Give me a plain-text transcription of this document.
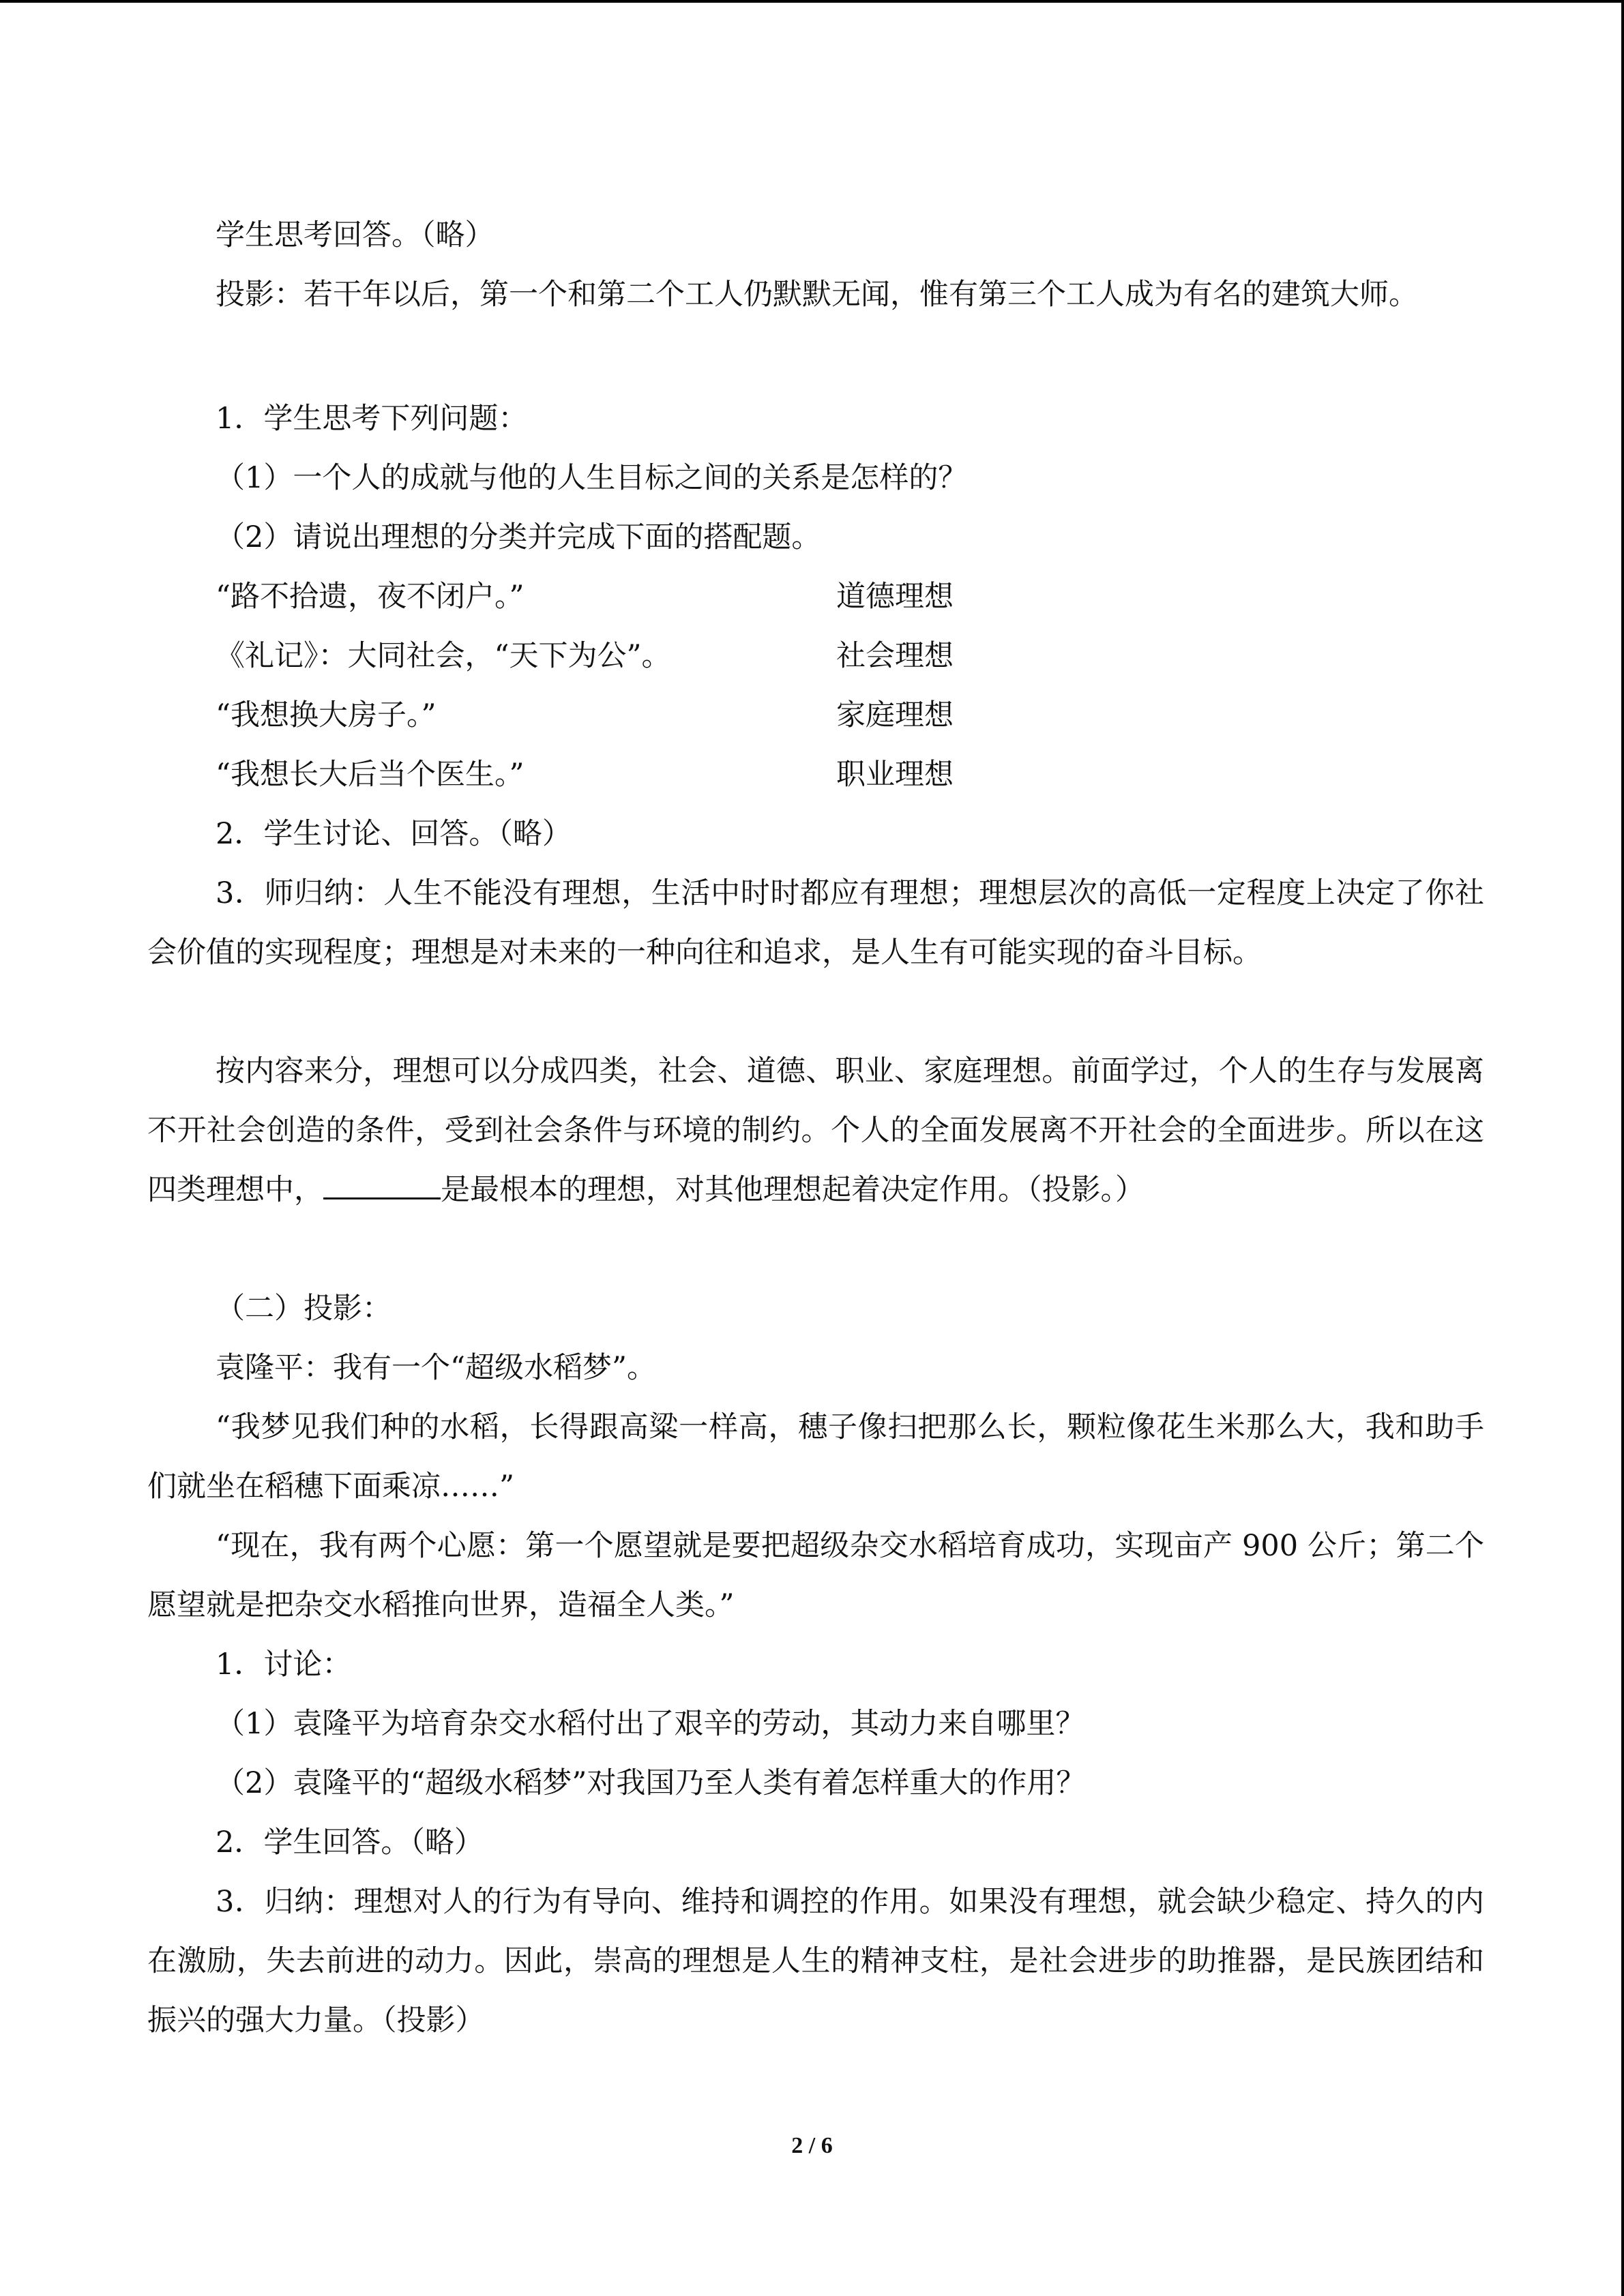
学生思考回答。（略）
投影：若干年以后，第一个和第二个工人仍默默无闻，惟有第三个工人成为有名的建筑大师。
1．学生思考下列问题：
（1）一个人的成就与他的人生目标之间的关系是怎样的？
（2）请说出理想的分类并完成下面的搭配题。
“路不拾遗，夜不闭户。”	道德理想
《礼记》：大同社会，“天下为公”。	社会理想
“我想换大房子。”	家庭理想
“我想长大后当个医生。”	职业理想
2．学生讨论、回答。（略）
3．师归纳：人生不能没有理想，生活中时时都应有理想；理想层次的高低一定程度上决定了你社会价值的实现程度；理想是对未来的一种向往和追求，是人生有可能实现的奋斗目标。
按内容来分，理想可以分成四类，社会、道德、职业、家庭理想。前面学过，个人的生存与发展离不开社会创造的条件，受到社会条件与环境的制约。个人的全面发展离不开社会的全面进步。所以在这四类理想中，	是最根本的理想，对其他理想起着决定作用。（投影。）
（二）投影：
袁隆平：我有一个“超级水稻梦”。
“我梦见我们种的水稻，长得跟高粱一样高，穗子像扫把那么长，颗粒像花生米那么大，我和助手们就坐在稻穗下面乘凉……”
“现在，我有两个心愿：第一个愿望就是要把超级杂交水稻培育成功，实现亩产 900 公斤；第二个愿望就是把杂交水稻推向世界，造福全人类。”
1．讨论：
（1）袁隆平为培育杂交水稻付出了艰辛的劳动，其动力来自哪里？
（2）袁隆平的“超级水稻梦”对我国乃至人类有着怎样重大的作用？
2．学生回答。（略）
3．归纳：理想对人的行为有导向、维持和调控的作用。如果没有理想，就会缺少稳定、持久的内在激励，失去前进的动力。因此，崇高的理想是人生的精神支柱，是社会进步的助推器，是民族团结和振兴的强大力量。（投影）
2 / 6
